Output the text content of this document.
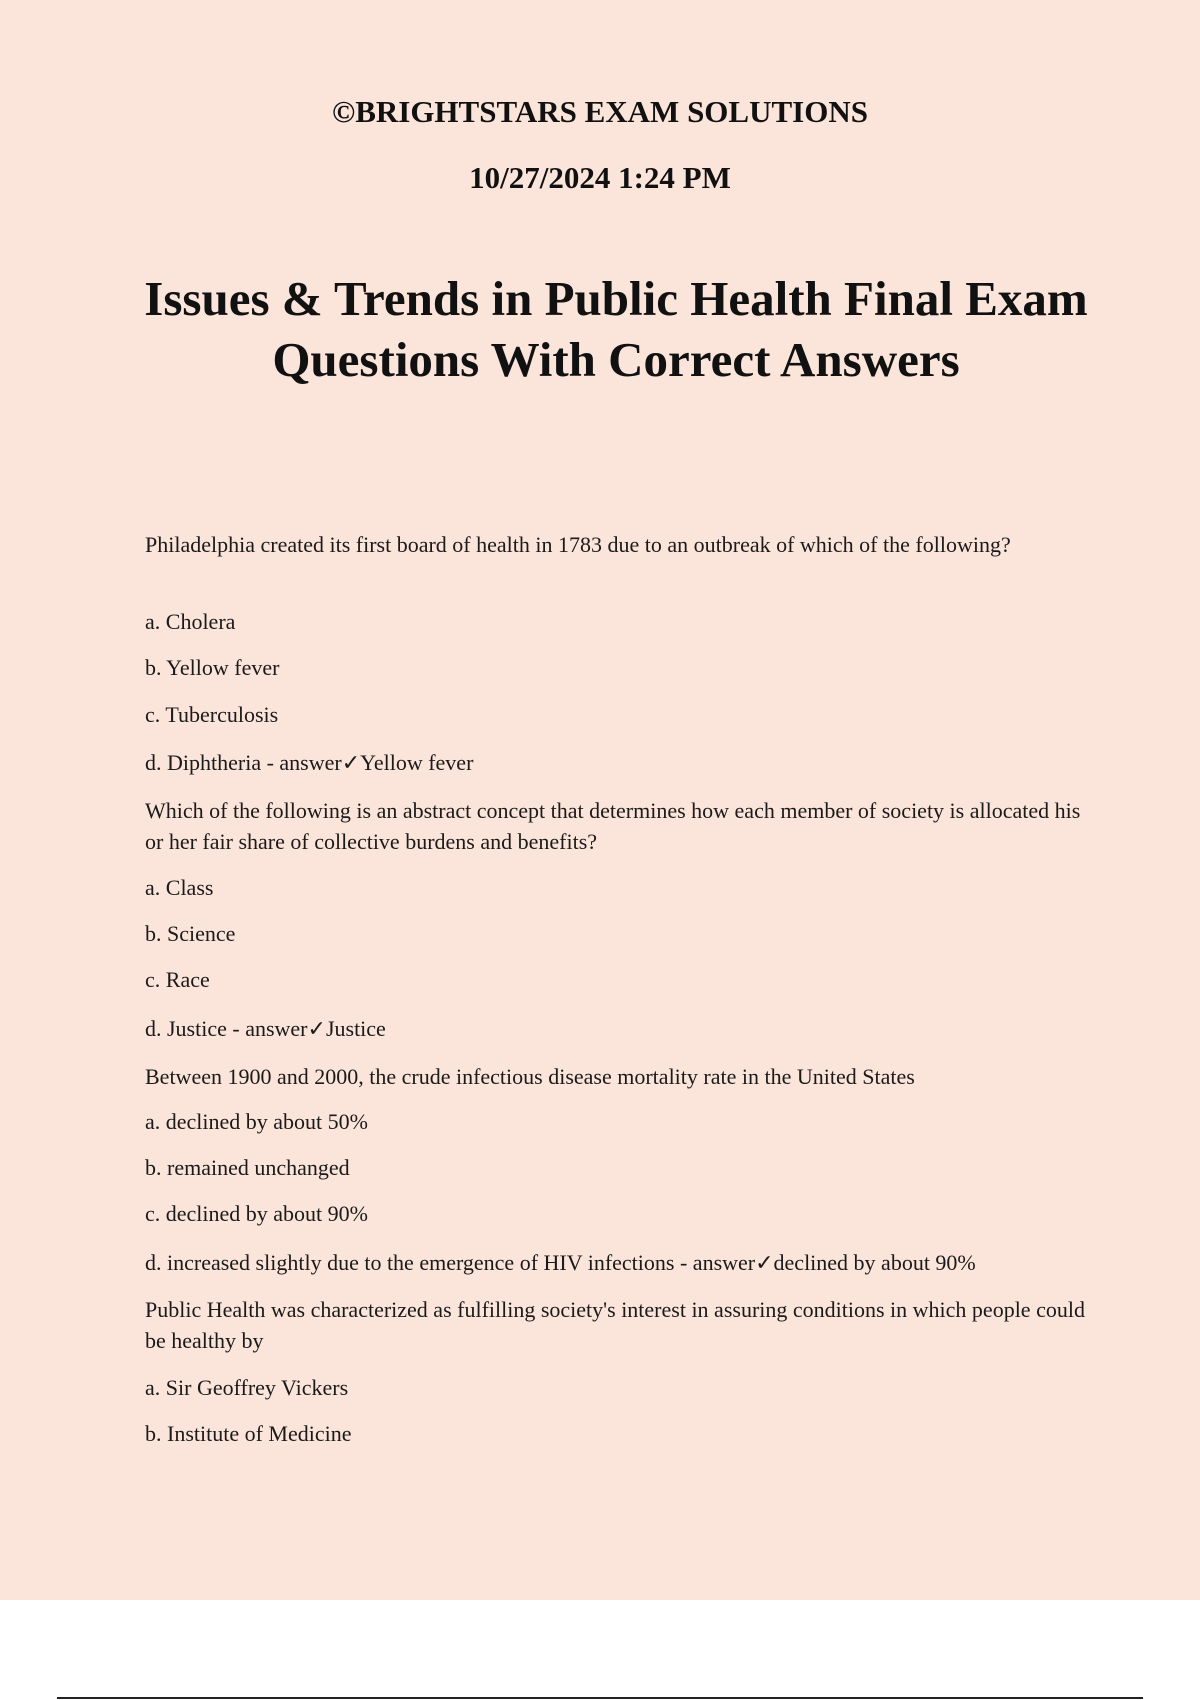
©BRIGHTSTARS EXAM SOLUTIONS
10/27/2024 1:24 PM
Issues & Trends in Public Health Final Exam
Questions With Correct Answers
Philadelphia created its first board of health in 1783 due to an outbreak of which of the following?
a. Cholera
b. Yellow fever
c. Tuberculosis
d. Diphtheria - answer✓Yellow fever
Which of the following is an abstract concept that determines how each member of society is allocated his or her fair share of collective burdens and benefits?
a. Class
b. Science
c. Race
d. Justice - answer✓Justice
Between 1900 and 2000, the crude infectious disease mortality rate in the United States
a. declined by about 50%
b. remained unchanged
c. declined by about 90%
d. increased slightly due to the emergence of HIV infections - answer✓declined by about 90%
Public Health was characterized as fulfilling society's interest in assuring conditions in which people could be healthy by
a. Sir Geoffrey Vickers
b. Institute of Medicine
